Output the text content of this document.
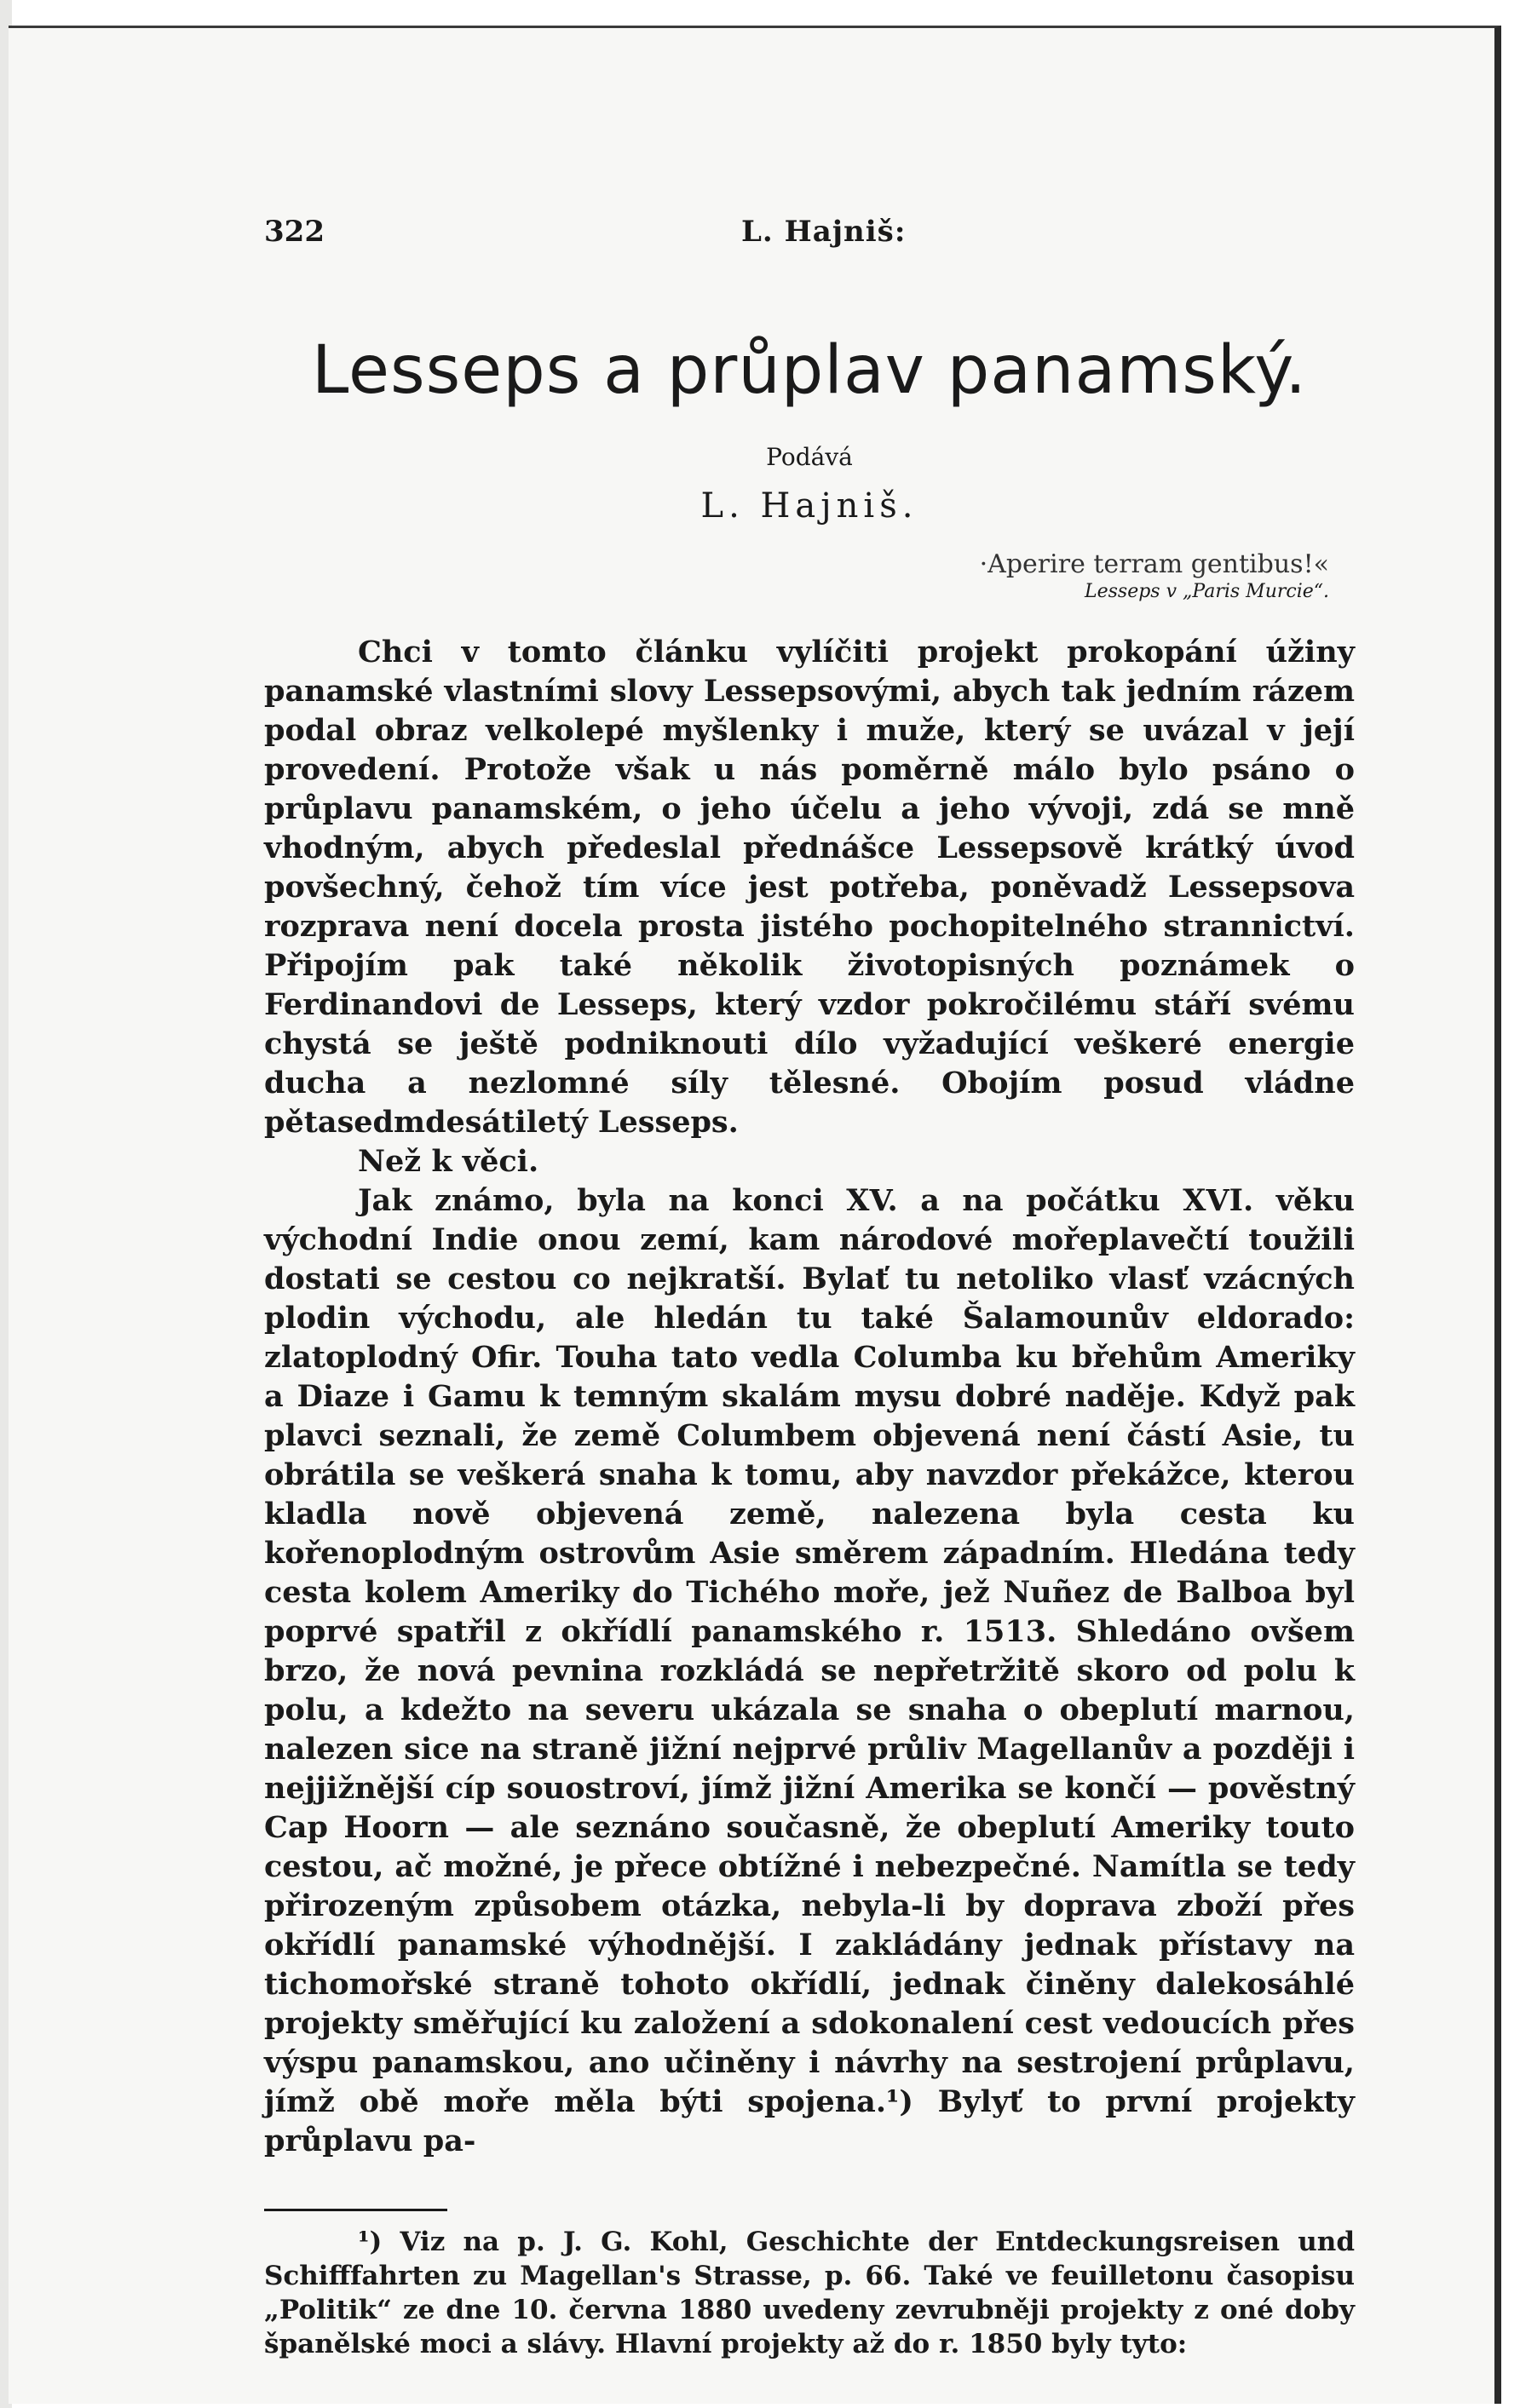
322	L. Hajniš:
Lesseps a průplav panamský.
Podává
L. Hajniš.
·Aperire terram gentibus!«
Lesseps v „Paris Murcie“.

Chci v tomto článku vylíčiti projekt prokopání úžiny panamské vlastními slovy Lessepsovými, abych tak jedním rázem podal obraz velkolepé myšlenky i muže, který se uvázal v její provedení. Protože však u nás poměrně málo bylo psáno o průplavu panamském, o jeho účelu a jeho vývoji, zdá se mně vhodným, abych předeslal přednášce Lessepsově krátký úvod povšechný, čehož tím více jest potřeba, poněvadž Lessepsova rozprava není docela prosta jistého pochopitelného strannictví. Připojím pak také několik životopisných poznámek o Ferdinandovi de Lesseps, který vzdor pokročilému stáří svému chystá se ještě podniknouti dílo vyžadující veškeré energie ducha a nezlomné síly tělesné. Obojím posud vládne pětasedmdesátiletý Lesseps.

Než k věci.

Jak známo, byla na konci XV. a na počátku XVI. věku východní Indie onou zemí, kam národové mořeplavečtí toužili dostati se cestou co nejkratší. Bylať tu netoliko vlasť vzácných plodin východu, ale hledán tu také Šalamounův eldorado: zlatoplodný Ofir. Touha tato vedla Columba ku břehům Ameriky a Diaze i Gamu k temným skalám mysu dobré naděje. Když pak plavci seznali, že země Columbem objevená není částí Asie, tu obrátila se veškerá snaha k tomu, aby navzdor překážce, kterou kladla nově objevená země, nalezena byla cesta ku kořenoplodným ostrovům Asie směrem západním. Hledána tedy cesta kolem Ameriky do Tichého moře, jež Nuñez de Balboa byl poprvé spatřil z okřídlí panamského r. 1513. Shledáno ovšem brzo, že nová pevnina rozkládá se nepřetržitě skoro od polu k polu, a kdežto na severu ukázala se snaha o obeplutí marnou, nalezen sice na straně jižní nejprvé průliv Magellanův a později i nejjižnější cíp souostroví, jímž jižní Amerika se končí — pověstný Cap Hoorn — ale seznáno současně, že obeplutí Ameriky touto cestou, ač možné, je přece obtížné i nebezpečné. Namítla se tedy přirozeným způsobem otázka, nebyla-li by doprava zboží přes okřídlí panamské výhodnější. I zakládány jednak přístavy na tichomořské straně tohoto okřídlí, jednak činěny dalekosáhlé projekty směřující ku založení a sdokonalení cest vedoucích přes výspu panamskou, ano učiněny i návrhy na sestrojení průplavu, jímž obě moře měla býti spojena.¹) Bylyť to první projekty průplavu pa-

¹) Viz na p. J. G. Kohl, Geschichte der Entdeckungsreisen und Schifffahrten zu Magellan's Strasse, p. 66. Také ve feuilletonu časopisu „Politik“ ze dne 10. června 1880 uvedeny zevrubněji projekty z oné doby španělské moci a slávy. Hlavní projekty až do r. 1850 byly tyto:
